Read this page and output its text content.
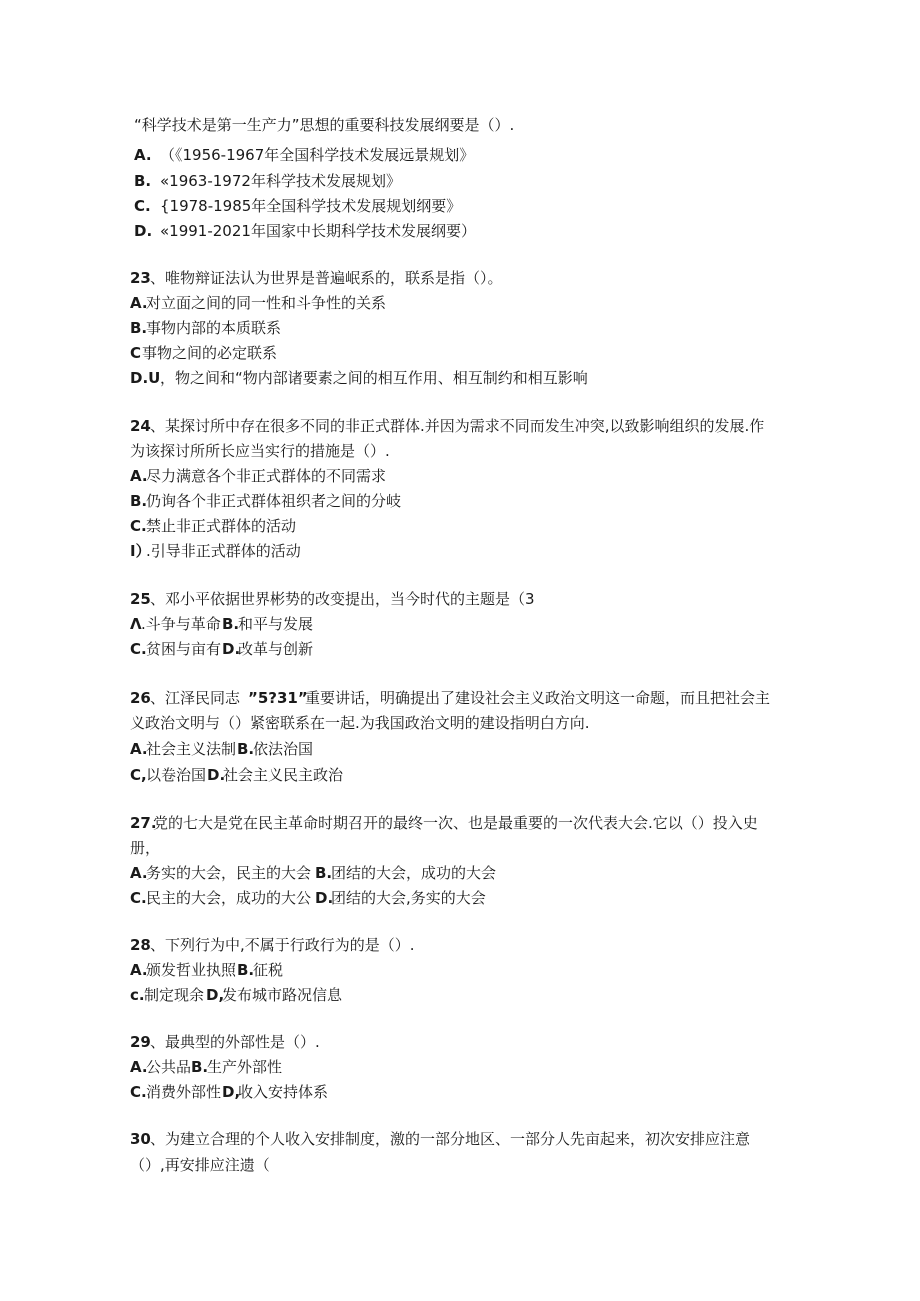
“科学技术是第一生产力”思想的重要科技发展纲要是（）.
A. （《1956-1967年全国科学技术发展远景规划》
B. «1963-1972年科学技术发展规划》
C. {1978-1985年全国科学技术发展规划纲要》
D. «1991-2021年国家中长期科学技术发展纲要）
23 、唯物辩证法认为世界是普遍岷系的，联系是指（）。
A.
对立面之间的同一性和斗争性的关系
B.
事物内部的本质联系
C 事物之间的必定联系
D.U ，物之间和“物内部诸要素之间的相互作用、相互制约和相互影响
24 、某探讨所中存在很多不同的非正式群体.并因为需求不同而发生冲突,以致影响组织的发展.作
为该探讨所所长应当实行的措施是（）.
A.
尽力满意各个非正式群体的不同需求
B.
仍询各个非正式群体祖织者之间的分岐
C. 禁止非正式群体的活动
I）
.引导非正式群体的活动
25 、邓小平依据世界彬势的改变提出，当今时代的主题是（3
Λ .斗争与革命 B.
和平与发展
C. 贫困与亩有 D.
改革与创新
26 、江泽民同志 ”5?31”
重要讲话，明确提出了建设社会主义政治文明这一命题，而且把社会主
义政治文明与（）紧密联系在一起.为我国政治文明的建设指明白方向.
A.
社会主义法制 B.
依法治国
C, 以卷治国 D.
社会主义民主政治
27.
党的七大是党在民主革命时期召开的最终一次、也是最重要的一次代表大会.它以（）投入史
册，
A.
务实的大会，民主的大会 B.
团结的大会，成功的大会
C. 民主的大会，成功的大公 D.
团结的大会,务实的大会
28 、下列行为中,不属于行政行为的是（）.
A.
颁发哲业执照 B.
征税
c. 制定现余 D,
发布城市路况信息
29 、最典型的外部性是（）.
A.
公共品 B.
生产外部性
C. 消费外部性 D,
收入安持体系
30 、为建立合理的个人收入安排制度，激的一部分地区、一部分人先亩起来，初次安排应注意
（）,再安排应注遗（
